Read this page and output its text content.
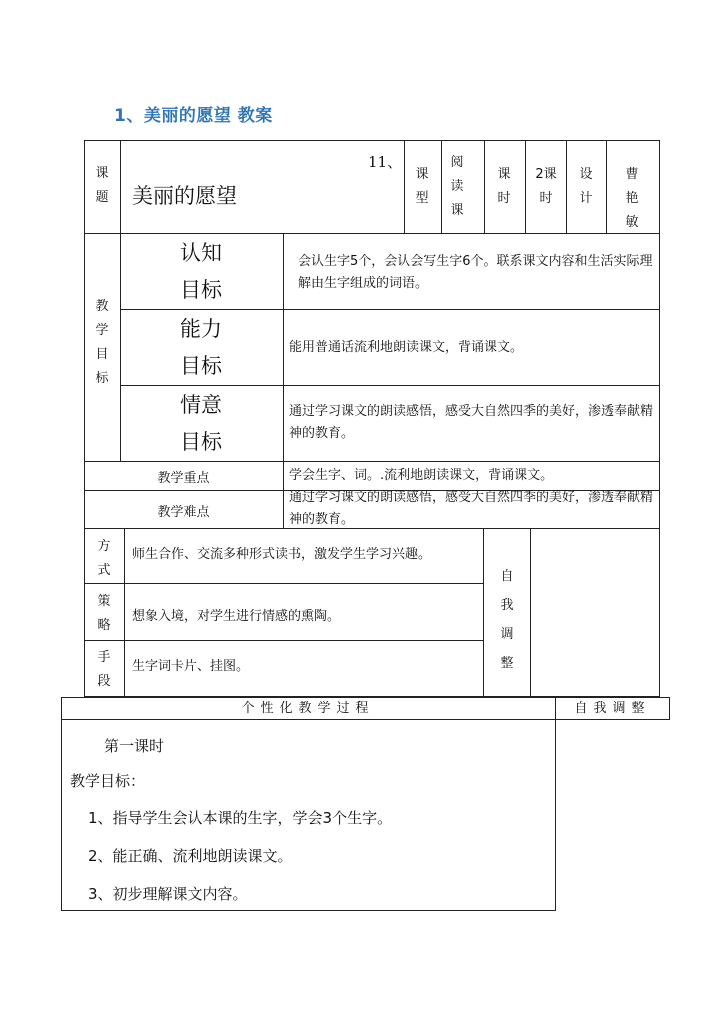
1、美丽的愿望 教案
课题
11、
美丽的愿望
课型
阅读课
课时
2课时
设计
曹艳敏
教学目标
认知
目标
会认生字5个，会认会写生字6个。联系课文内容和生活实际理解由生字组成的词语。
能力
目标
能用普通话流利地朗读课文，背诵课文。
情意
目标
通过学习课文的朗读感悟，感受大自然四季的美好，渗透奉献精神的教育。
教学重点	学会生字、词。.流利地朗读课文，背诵课文。
教学难点
通过学习课文的朗读感悟，感受大自然四季的美好，渗透奉献精神的教育。
方式
师生合作、交流多种形式读书，激发学生学习兴趣。
策略
想象入境，对学生进行情感的熏陶。
手段
生字词卡片、挂图。
自我调整
个性化教学过程	自我调整
第一课时
教学目标：
1、指导学生会认本课的生字，学会3个生字。
2、能正确、流利地朗读课文。
3、初步理解课文内容。
